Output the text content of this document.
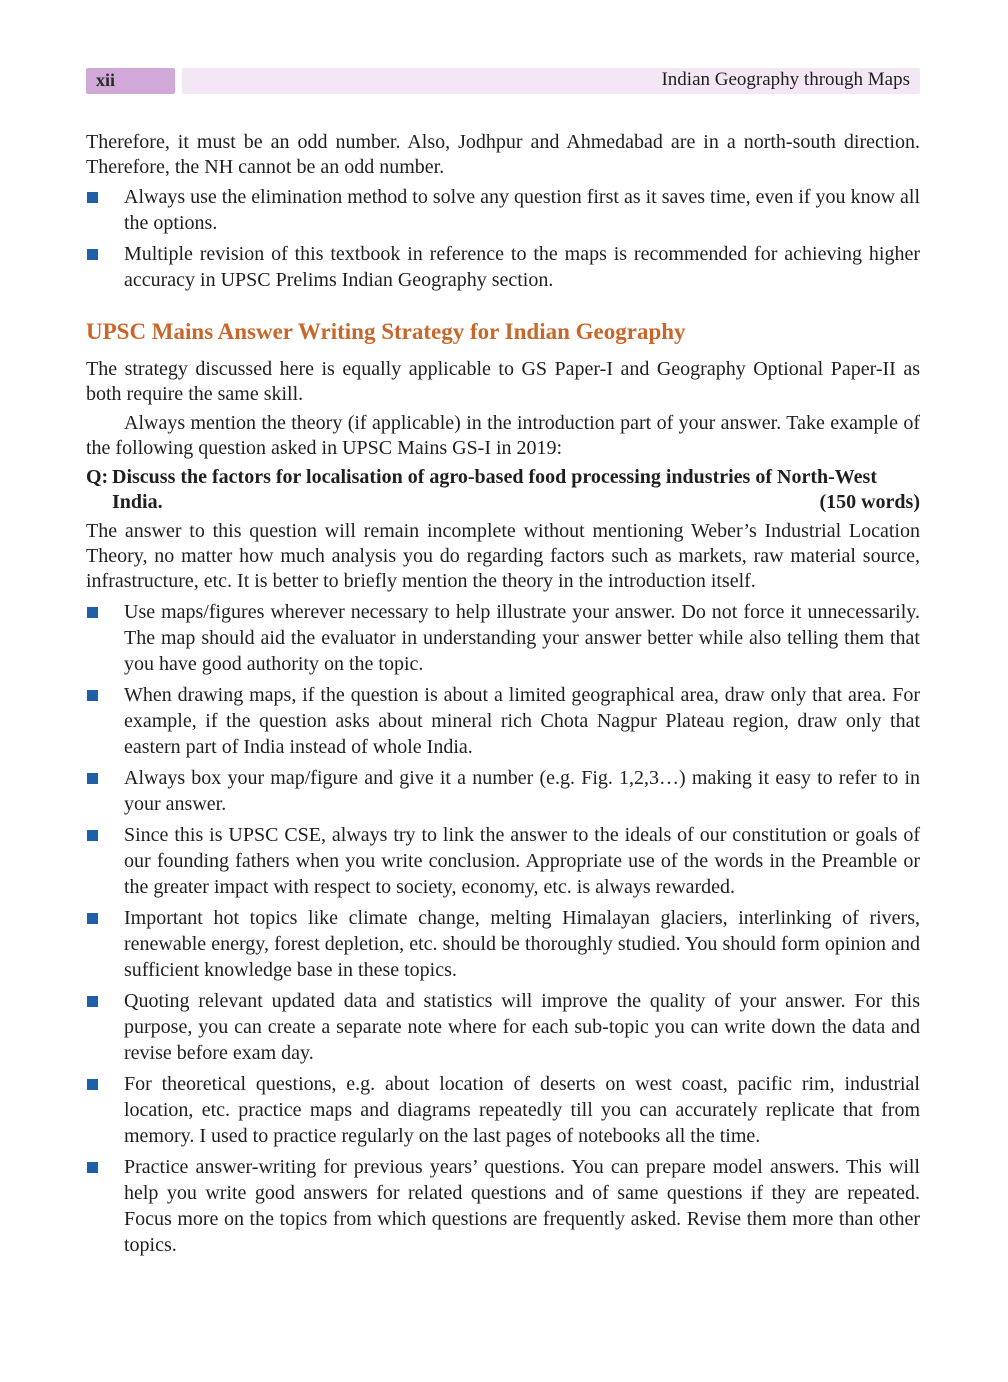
xii	Indian Geography through Maps

Therefore, it must be an odd number. Also, Jodhpur and Ahmedabad are in a north-south direction. Therefore, the NH cannot be an odd number.

Always use the elimination method to solve any question first as it saves time, even if you know all the options.
Multiple revision of this textbook in reference to the maps is recommended for achieving higher accuracy in UPSC Prelims Indian Geography section.
UPSC Mains Answer Writing Strategy for Indian Geography

The strategy discussed here is equally applicable to GS Paper-I and Geography Optional Paper-II as both require the same skill.

Always mention the theory (if applicable) in the introduction part of your answer. Take example of the following question asked in UPSC Mains GS-I in 2019:

Q: Discuss the factors for localisation of agro-based food processing industries of North-West
India.	(150 words)

The answer to this question will remain incomplete without mentioning Weber’s Industrial Location Theory, no matter how much analysis you do regarding factors such as markets, raw material source, infrastructure, etc. It is better to briefly mention the theory in the introduction itself.

Use maps/figures wherever necessary to help illustrate your answer. Do not force it unnecessarily. The map should aid the evaluator in understanding your answer better while also telling them that you have good authority on the topic.
When drawing maps, if the question is about a limited geographical area, draw only that area. For example, if the question asks about mineral rich Chota Nagpur Plateau region, draw only that eastern part of India instead of whole India.
Always box your map/figure and give it a number (e.g. Fig. 1,2,3…) making it easy to refer to in your answer.
Since this is UPSC CSE, always try to link the answer to the ideals of our constitution or goals of our founding fathers when you write conclusion. Appropriate use of the words in the Preamble or the greater impact with respect to society, economy, etc. is always rewarded.
Important hot topics like climate change, melting Himalayan glaciers, interlinking of rivers, renewable energy, forest depletion, etc. should be thoroughly studied. You should form opinion and sufficient knowledge base in these topics.
Quoting relevant updated data and statistics will improve the quality of your answer. For this purpose, you can create a separate note where for each sub-topic you can write down the data and revise before exam day.
For theoretical questions, e.g. about location of deserts on west coast, pacific rim, industrial location, etc. practice maps and diagrams repeatedly till you can accurately replicate that from memory. I used to practice regularly on the last pages of notebooks all the time.
Practice answer-writing for previous years’ questions. You can prepare model answers. This will help you write good answers for related questions and of same questions if they are repeated. Focus more on the topics from which questions are frequently asked. Revise them more than other topics.
